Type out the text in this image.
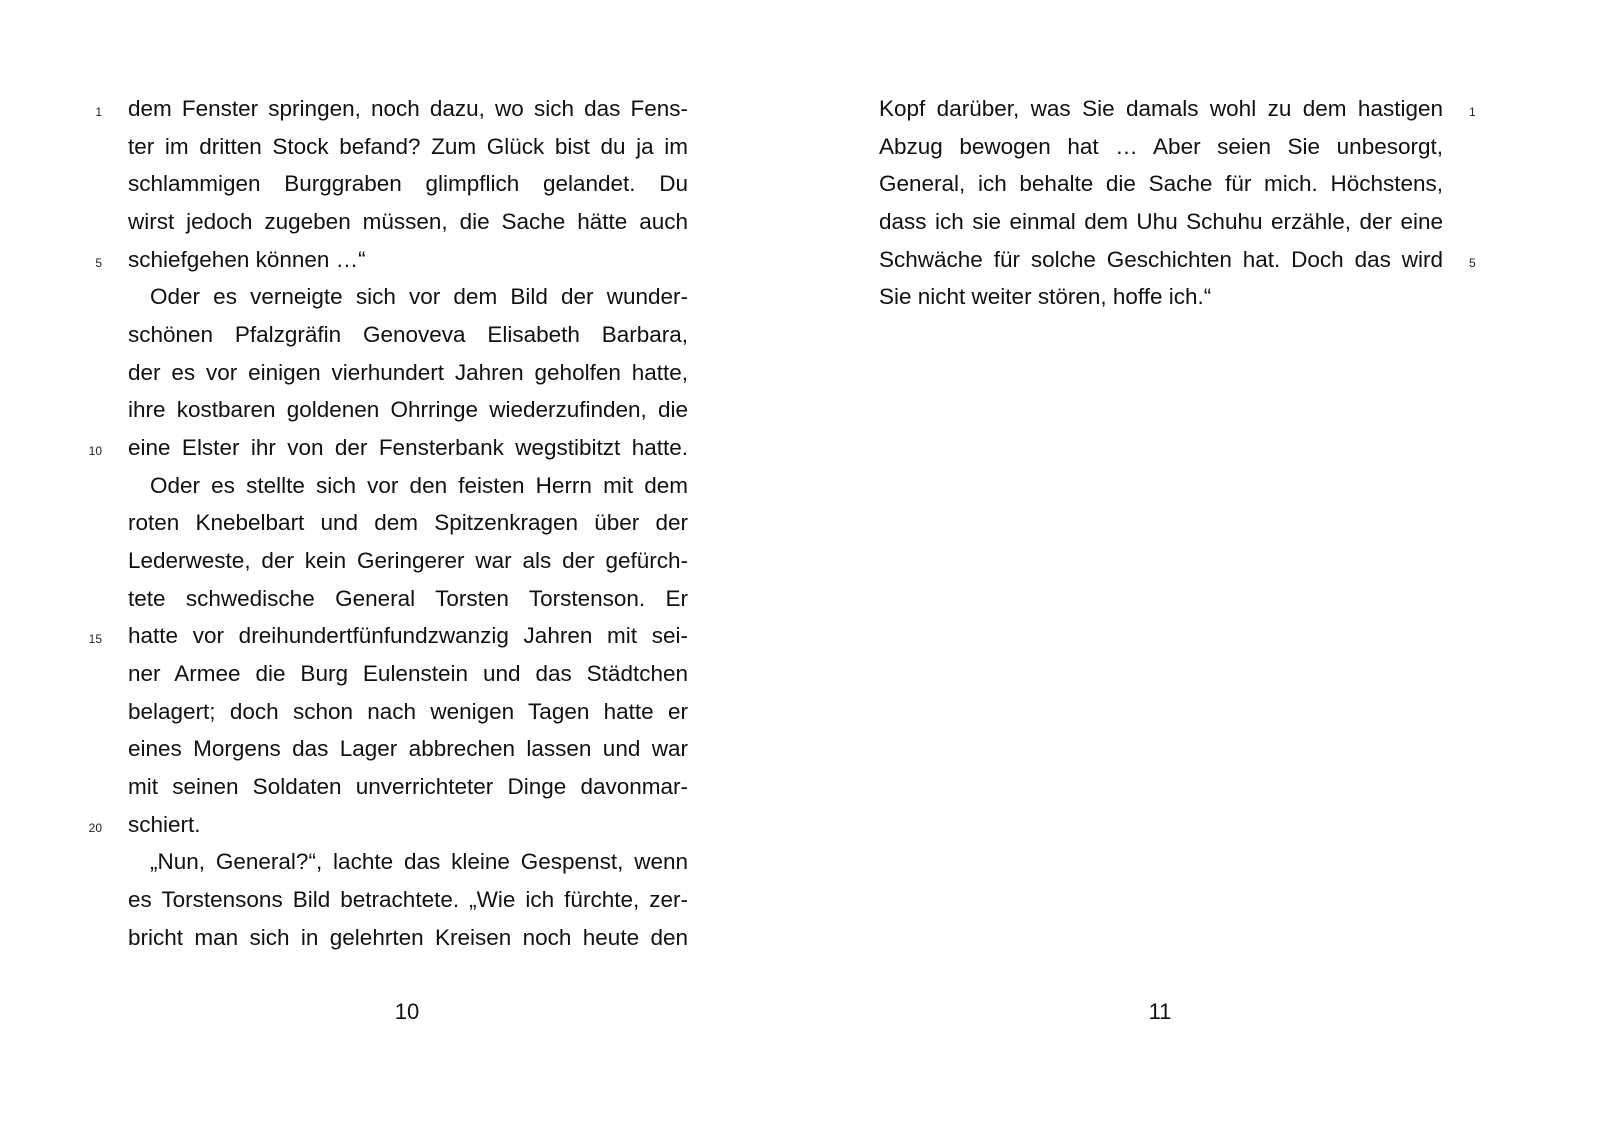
dem Fenster springen, noch dazu, wo sich das Fens-
ter im dritten Stock befand? Zum Glück bist du ja im
schlammigen Burggraben glimpflich gelandet. Du
wirst jedoch zugeben müssen, die Sache hätte auch
schiefgehen können …“
Oder es verneigte sich vor dem Bild der wunder-
schönen Pfalzgräfin Genoveva Elisabeth Barbara,
der es vor einigen vierhundert Jahren geholfen hatte,
ihre kostbaren goldenen Ohrringe wiederzufinden, die
eine Elster ihr von der Fensterbank wegstibitzt hatte.
Oder es stellte sich vor den feisten Herrn mit dem
roten Knebelbart und dem Spitzenkragen über der
Lederweste, der kein Geringerer war als der gefürch-
tete schwedische General Torsten Torstenson. Er
hatte vor dreihundertfünfundzwanzig Jahren mit sei-
ner Armee die Burg Eulenstein und das Städtchen
belagert; doch schon nach wenigen Tagen hatte er
eines Morgens das Lager abbrechen lassen und war
mit seinen Soldaten unverrichteter Dinge davonmar-
schiert.
„Nun, General?“, lachte das kleine Gespenst, wenn
es Torstensons Bild betrachtete. „Wie ich fürchte, zer-
bricht man sich in gelehrten Kreisen noch heute den
1
5
10
15
20
10
Kopf darüber, was Sie damals wohl zu dem hastigen
Abzug bewogen hat … Aber seien Sie unbesorgt,
General, ich behalte die Sache für mich. Höchstens,
dass ich sie einmal dem Uhu Schuhu erzähle, der eine
Schwäche für solche Geschichten hat. Doch das wird
Sie nicht weiter stören, hoffe ich.“
1
5
11
